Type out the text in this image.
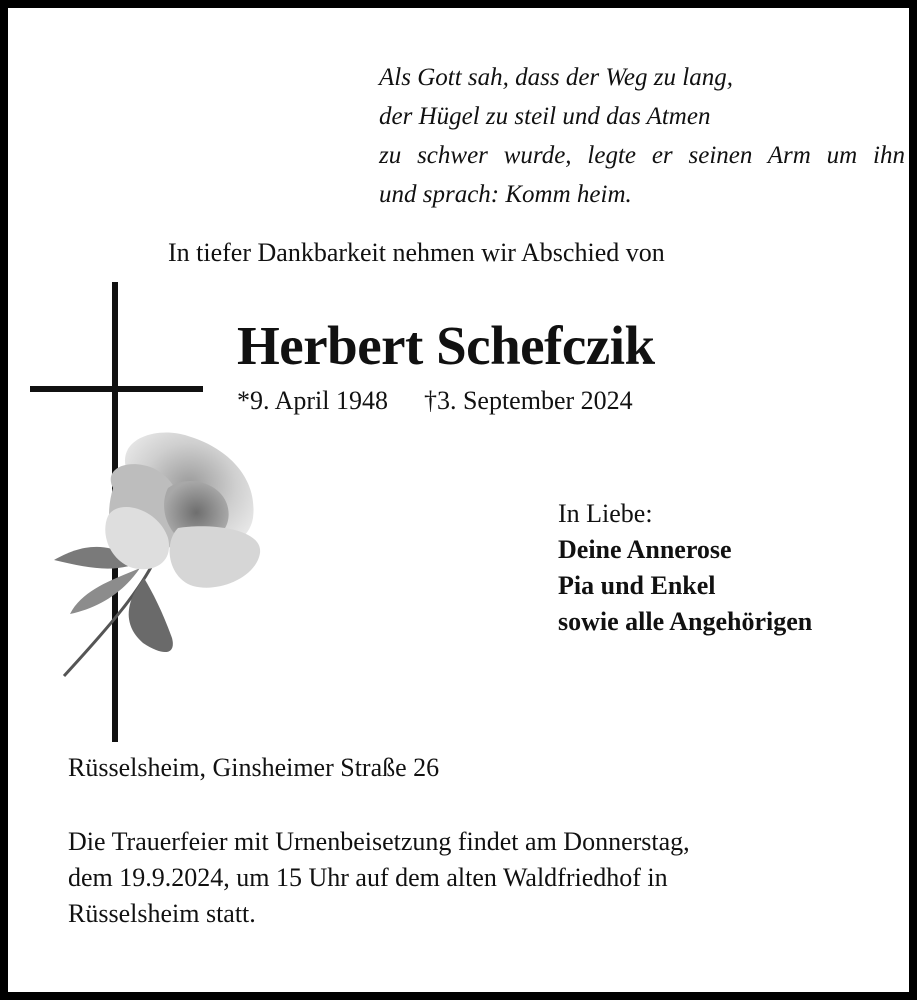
Als Gott sah, dass der Weg zu lang,
der Hügel zu steil und das Atmen
zu schwer wurde, legte er seinen Arm um ihn
und sprach: Komm heim.
In tiefer Dankbarkeit nehmen wir Abschied von
Herbert Schefczik
*9. April 1948 †3. September 2024
In Liebe:
Deine Annerose
Pia und Enkel
sowie alle Angehörigen
Rüsselsheim, Ginsheimer Straße 26
Die Trauerfeier mit Urnenbeisetzung findet am Donnerstag,
dem 19.9.2024, um 15 Uhr auf dem alten Waldfriedhof in
Rüsselsheim statt.
